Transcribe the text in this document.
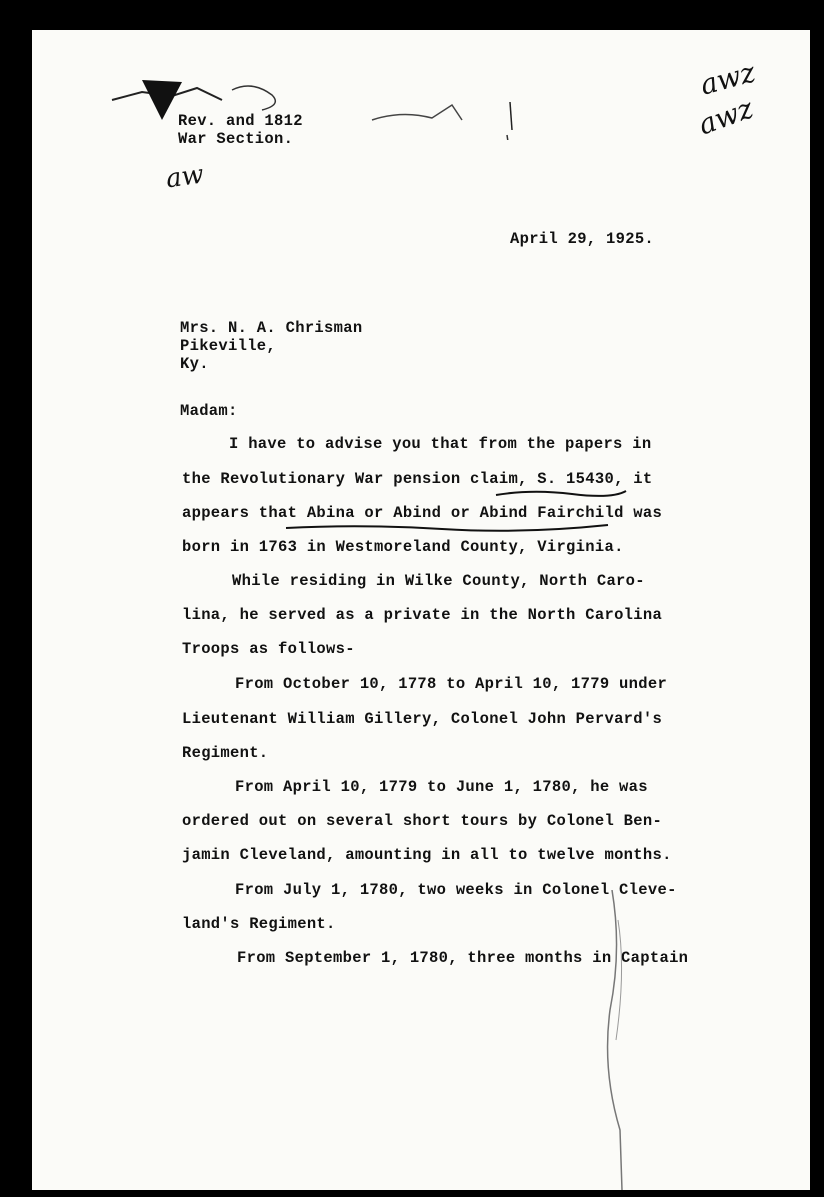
Rev. and 1812

War Section.

aw
awz
awz

April 29, 1925.

Mrs. N. A. Chrisman

Pikeville,

Ky.

Madam:

I have to advise you that from the papers in

the Revolutionary War pension claim, S. 15430, it

appears that Abina or Abind or Abind Fairchild was

born in 1763 in Westmoreland County, Virginia.

While residing in Wilke County, North Caro-

lina, he served as a private in the North Carolina

Troops as follows-

From October 10, 1778 to April 10, 1779 under

Lieutenant William Gillery, Colonel John Pervard's

Regiment.

From April 10, 1779 to June 1, 1780, he was

ordered out on several short tours by Colonel Ben-

jamin Cleveland, amounting in all to twelve months.

From July 1, 1780, two weeks in Colonel Cleve-

land's Regiment.

From September 1, 1780, three months in Captain
